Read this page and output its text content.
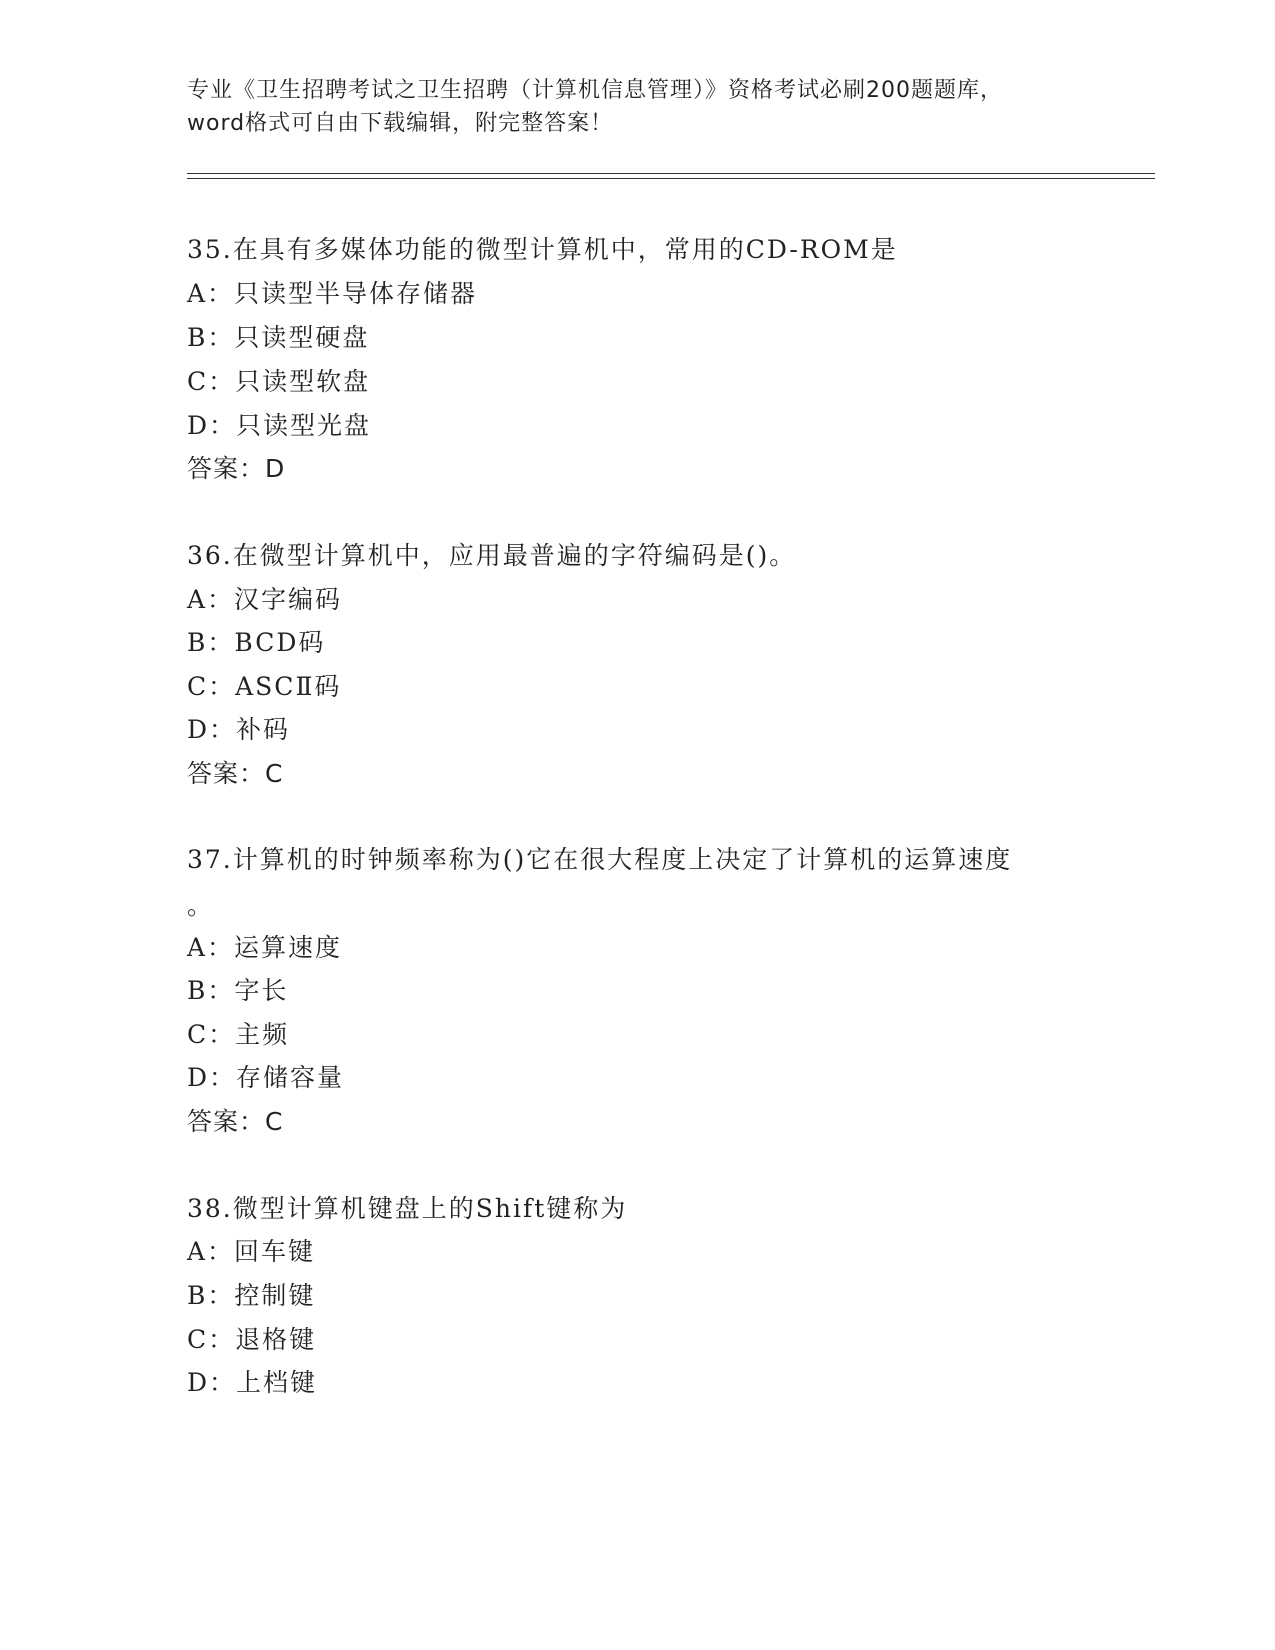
专业《卫生招聘考试之卫生招聘（计算机信息管理）》资格考试必刷200题题库，
word格式可自由下载编辑，附完整答案！
35.在具有多媒体功能的微型计算机中，常用的CD-ROM是
A：只读型半导体存储器
B：只读型硬盘
C：只读型软盘
D：只读型光盘
答案：D
36.在微型计算机中，应用最普遍的字符编码是()。
A：汉字编码
B：BCD码
C：ASCⅡ码
D：补码
答案：C
37.计算机的时钟频率称为()它在很大程度上决定了计算机的运算速度
。
A：运算速度
B：字长
C：主频
D：存储容量
答案：C
38.微型计算机键盘上的Shift键称为
A：回车键
B：控制键
C：退格键
D：上档键
